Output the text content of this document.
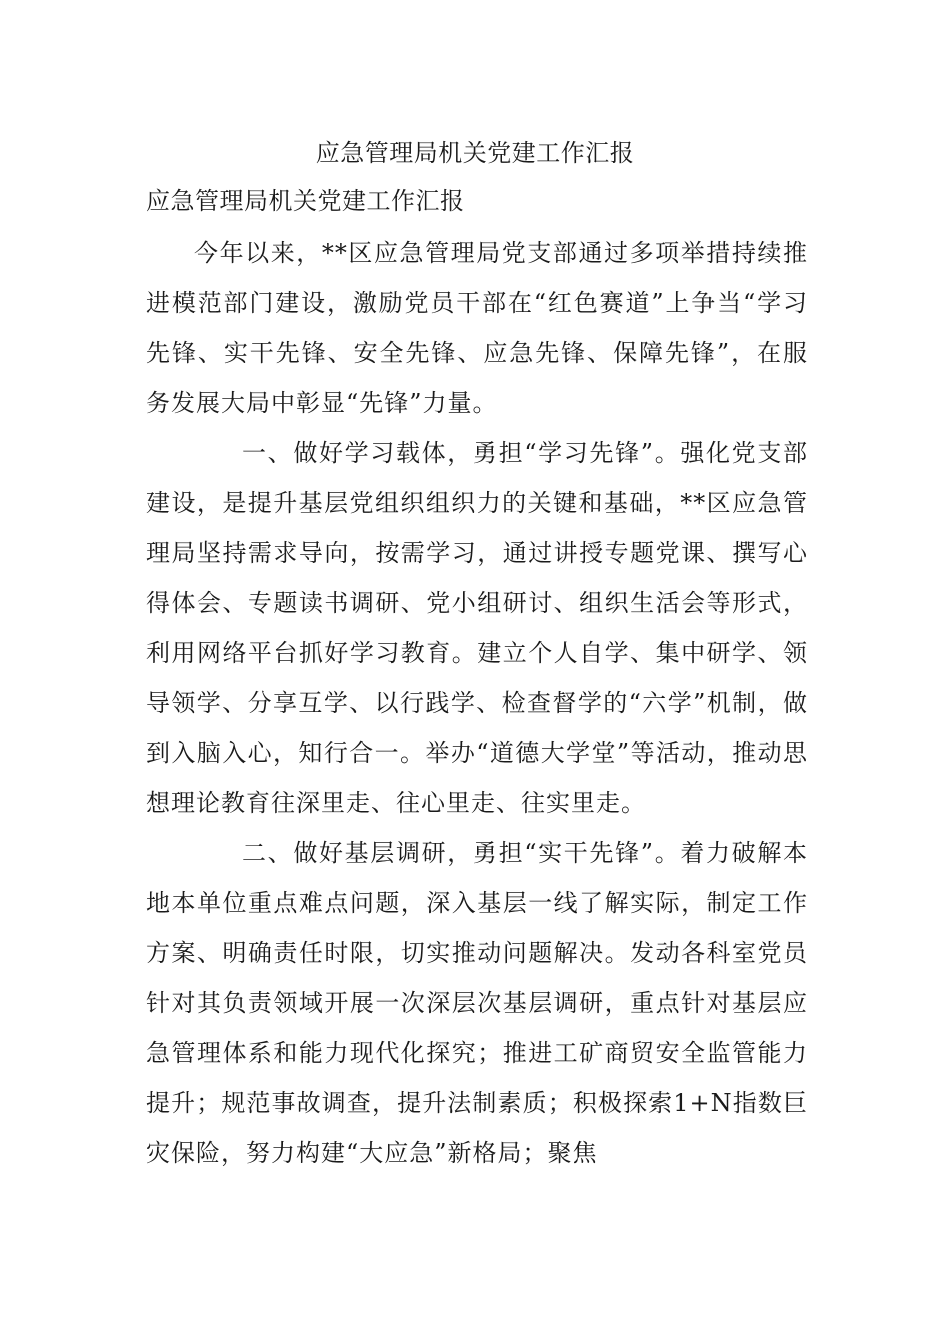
应急管理局机关党建工作汇报
应急管理局机关党建工作汇报

今年以来，**区应急管理局党支部通过多项举措持续推进模范部门建设，激励党员干部在“红色赛道”上争当“学习先锋、实干先锋、安全先锋、应急先锋、保障先锋”，在服务发展大局中彰显“先锋”力量。

一、做好学习载体，勇担“学习先锋”。强化党支部建设，是提升基层党组织组织力的关键和基础，**区应急管理局坚持需求导向，按需学习，通过讲授专题党课、撰写心得体会、专题读书调研、党小组研讨、组织生活会等形式，利用网络平台抓好学习教育。建立个人自学、集中研学、领导领学、分享互学、以行践学、检查督学的“六学”机制，做到入脑入心，知行合一。举办“道德大学堂”等活动，推动思想理论教育往深里走、往心里走、往实里走。

二、做好基层调研，勇担“实干先锋”。着力破解本地本单位重点难点问题，深入基层一线了解实际，制定工作方案、明确责任时限，切实推动问题解决。发动各科室党员针对其负责领域开展一次深层次基层调研，重点针对基层应急管理体系和能力现代化探究；推进工矿商贸安全监管能力提升；规范事故调查，提升法制素质；积极探索1+N指数巨灾保险，努力构建“大应急”新格局；聚焦
